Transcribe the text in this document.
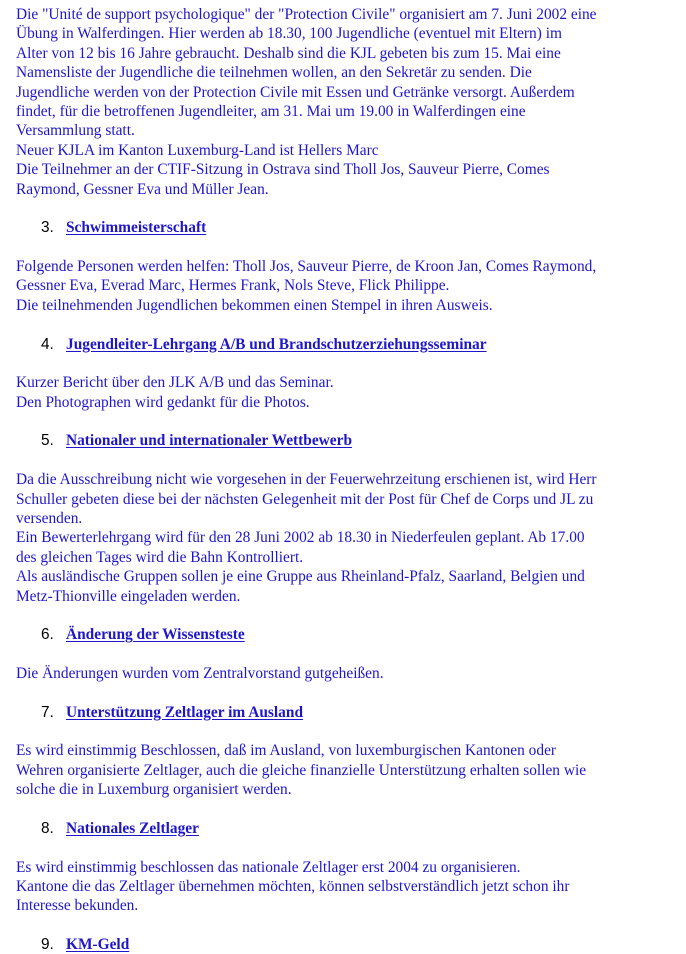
Die "Unité de support psychologique" der "Protection Civile" organisiert am 7. Juni 2002 eine

Übung in Walferdingen. Hier werden ab 18.30, 100 Jugendliche (eventuel mit Eltern) im

Alter von 12 bis 16 Jahre gebraucht. Deshalb sind die KJL gebeten bis zum 15. Mai eine

Namensliste der Jugendliche die teilnehmen wollen, an den Sekretär zu senden. Die

Jugendliche werden von der Protection Civile mit Essen und Getränke versorgt. Außerdem

findet, für die betroffenen Jugendleiter, am 31. Mai um 19.00 in Walferdingen eine

Versammlung statt.

Neuer KJLA im Kanton Luxemburg-Land ist Hellers Marc

Die Teilnehmer an der CTIF-Sitzung in Ostrava sind Tholl Jos, Sauveur Pierre, Comes

Raymond, Gessner Eva und Müller Jean.

3. Schwimmeisterschaft

Folgende Personen werden helfen: Tholl Jos, Sauveur Pierre, de Kroon Jan, Comes Raymond,

Gessner Eva, Everad Marc, Hermes Frank, Nols Steve, Flick Philippe.

Die teilnehmenden Jugendlichen bekommen einen Stempel in ihren Ausweis.

4. Jugendleiter-Lehrgang A/B und Brandschutzerziehungsseminar

Kurzer Bericht über den JLK A/B und das Seminar.

Den Photographen wird gedankt für die Photos.

5. Nationaler und internationaler Wettbewerb

Da die Ausschreibung nicht wie vorgesehen in der Feuerwehrzeitung erschienen ist, wird Herr

Schuller gebeten diese bei der nächsten Gelegenheit mit der Post für Chef de Corps und JL zu

versenden.

Ein Bewerterlehrgang wird für den 28 Juni 2002 ab 18.30 in Niederfeulen geplant. Ab 17.00

des gleichen Tages wird die Bahn Kontrolliert.

Als ausländische Gruppen sollen je eine Gruppe aus Rheinland-Pfalz, Saarland, Belgien und

Metz-Thionville eingeladen werden.

6. Änderung der Wissensteste

Die Änderungen wurden vom Zentralvorstand gutgeheißen.

7. Unterstützung Zeltlager im Ausland

Es wird einstimmig Beschlossen, daß im Ausland, von luxemburgischen Kantonen oder

Wehren organisierte Zeltlager, auch die gleiche finanzielle Unterstützung erhalten sollen wie

solche die in Luxemburg organisiert werden.

8. Nationales Zeltlager

Es wird einstimmig beschlossen das nationale Zeltlager erst 2004 zu organisieren.

Kantone die das Zeltlager übernehmen möchten, können selbstverständlich jetzt schon ihr

Interesse bekunden.

9. KM-Geld
